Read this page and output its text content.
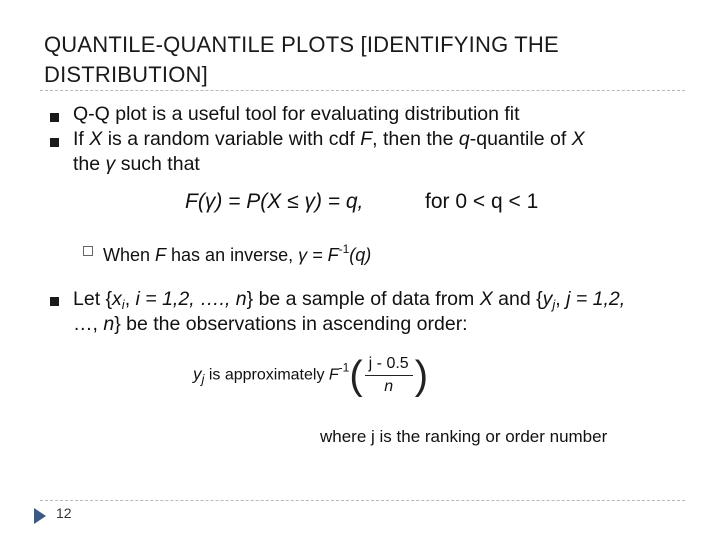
QUANTILE-QUANTILE PLOTS [IDENTIFYING THE DISTRIBUTION]
Q-Q plot is a useful tool for evaluating distribution fit
If X is a random variable with cdf F, then the q-quantile of X
the γ such that
F(γ) = P(X ≤ γ) = q,	for 0 < q < 1
When F has an inverse, $\gamma = F^{-1}(q)$
Let {$x_i$, i = 1,2, …., n} be a sample of data from X and {$y_j$, j = 1,2,
…, n} be the observations in ascending order:
$y_j$ is approximately $F^{-1}( \frac{j - 0.5}{n}$ )
where j is the ranking or order number
12
